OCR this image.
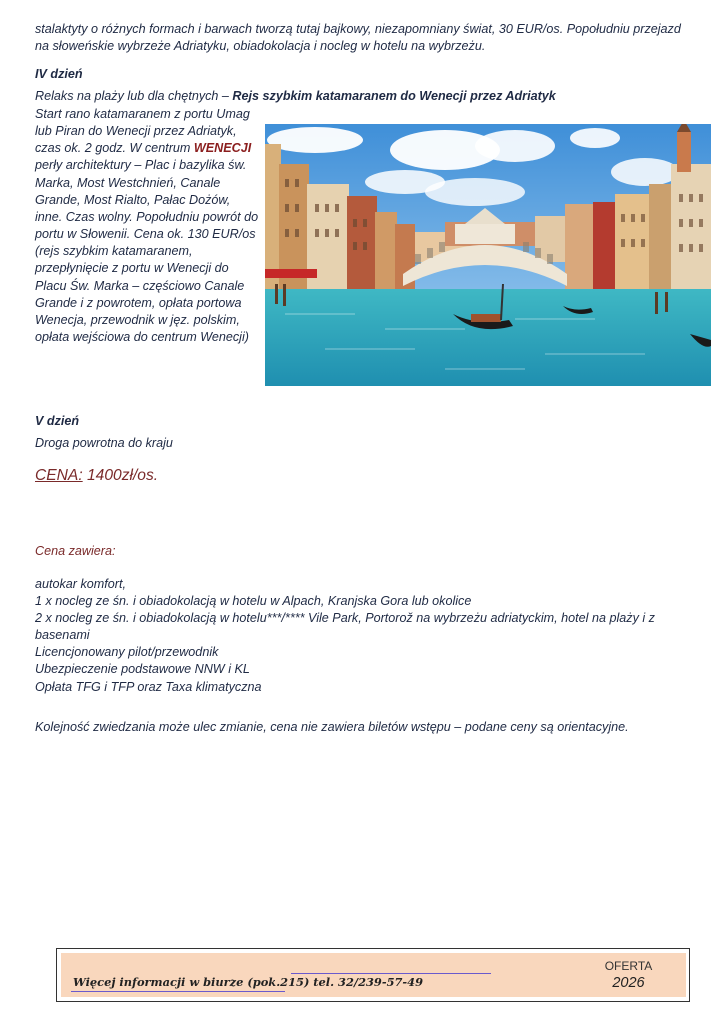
stalaktyty o różnych formach i barwach tworzą tutaj bajkowy, niezapomniany świat, 30 EUR/os. Popołudniu przejazd na słoweńskie wybrzeże Adriatyku, obiadokolacja i nocleg w hotelu na wybrzeżu.
IV dzień
Relaks na plaży lub dla chętnych – Rejs szybkim katamaranem do Wenecji przez Adriatyk
Start rano katamaranem z portu Umag lub Piran do Wenecji przez Adriatyk, czas ok. 2 godz. W centrum WENECJI perły architektury – Plac i bazylika św. Marka, Most Westchnień, Canale Grande, Most Rialto, Pałac Dożów, inne. Czas wolny. Popołudniu powrót do portu w Słowenii. Cena ok. 130 EUR/os (rejs szybkim katamaranem, przepłynięcie z portu w Wenecji do Placu Św. Marka – częściowo Canale Grande i z powrotem, opłata portowa Wenecja, przewodnik w jęz. polskim, opłata wejściowa do centrum Wenecji)
V dzień
Droga powrotna do kraju
CENA: 1400zł/os.
Cena zawiera:
autokar komfort,
1 x nocleg ze śn. i obiadokolacją w hotelu w Alpach, Kranjska Gora lub okolice
2 x nocleg ze śn. i obiadokolacją w hotelu***/**** Vile Park, Portorož na wybrzeżu adriatyckim, hotel na plaży i z basenami
Licencjonowany pilot/przewodnik
Ubezpieczenie podstawowe NNW i KL
Opłata TFG i TFP oraz Taxa klimatyczna
Kolejność zwiedzania może ulec zmianie, cena nie zawiera biletów wstępu – podane ceny są orientacyjne.
Więcej informacji w biurze (pok.215) tel. 32/239-57-49
OFERTA
2026
